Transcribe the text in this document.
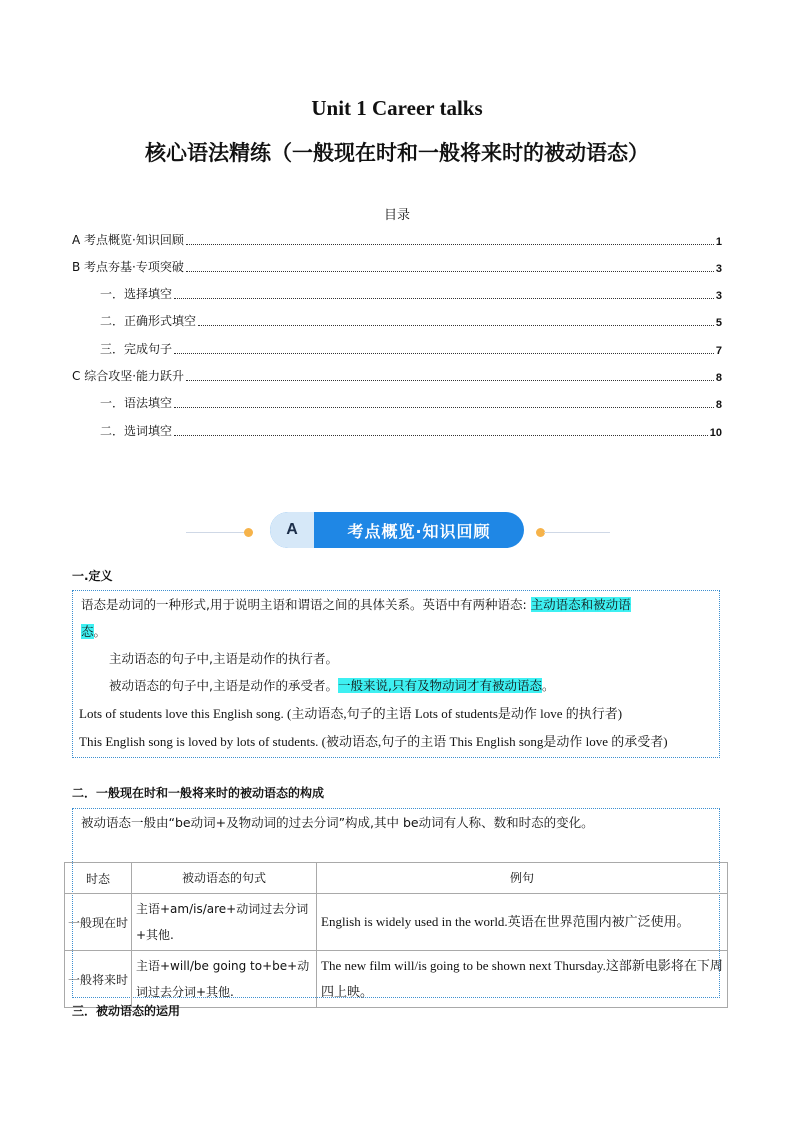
Unit 1 Career talks
核心语法精练（一般现在时和一般将来时的被动语态）
目录
A 考点概览·知识回顾	1
B 考点夯基·专项突破	3
一．选择填空	3
二．正确形式填空	5
三．完成句子	7
C 综合攻坚·能力跃升	8
一．语法填空	8
二．选词填空	10
A	考点概览·知识回顾
一.定义
语态是动词的一种形式,用于说明主语和谓语之间的具体关系。英语中有两种语态: 主动语态和被动语
态。
主动语态的句子中,主语是动作的执行者。
被动语态的句子中,主语是动作的承受者。一般来说,只有及物动词才有被动语态。
Lots of students love this English song. (主动语态,句子的主语 Lots of students是动作 love 的执行者)
This English song is loved by lots of students. (被动语态,句子的主语 This English song是动作 love 的承受者)
二．一般现在时和一般将来时的被动语态的构成
被动语态一般由“be动词+及物动词的过去分词”构成,其中 be动词有人称、数和时态的变化。
时态	被动语态的句式	例句
一般现在时	主语+am/is/are+动词过去分词+其他.	English is widely used in the world.英语在世界范围内被广泛使用。
一般将来时	主语+will/be going to+be+动词过去分词+其他.	The new film will/is going to be shown next Thursday.这部新电影将在下周四上映。
三．被动语态的运用
